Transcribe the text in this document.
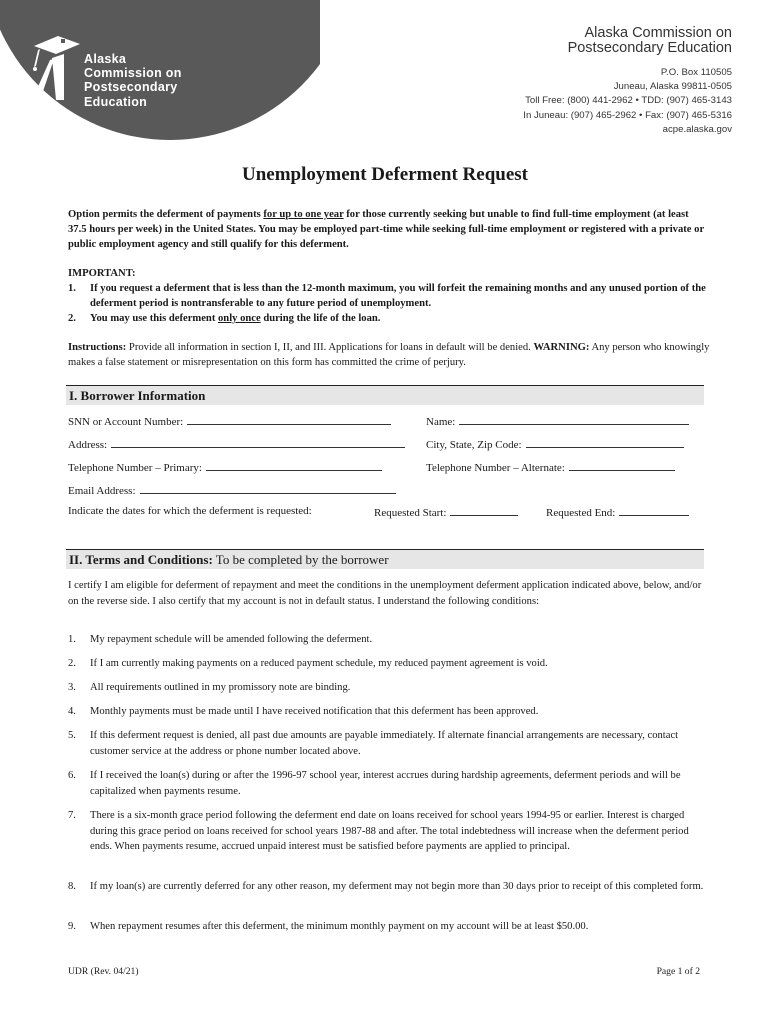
Alaska
Commission on
Postsecondary
Education
Alaska Commission on
Postsecondary Education
P.O. Box 110505
Juneau, Alaska 99811-0505
Toll Free: (800) 441-2962 • TDD: (907) 465-3143
In Juneau: (907) 465-2962 • Fax: (907) 465-5316
acpe.alaska.gov
Unemployment Deferment Request
Option permits the deferment of payments for up to one year for those currently seeking but unable to find full-time employment (at least 37.5 hours per week) in the United States. You may be employed part-time while seeking full-time employment or registered with a private or public employment agency and still qualify for this deferment.
IMPORTANT:
1.	If you request a deferment that is less than the 12-month maximum, you will forfeit the remaining months and any unused portion of the deferment period is nontransferable to any future period of unemployment.
2.	You may use this deferment only once during the life of the loan.
Instructions: Provide all information in section I, II, and III. Applications for loans in default will be denied. WARNING: Any person who knowingly makes a false statement or misrepresentation on this form has committed the crime of perjury.
I. Borrower Information
SNN or Account Number:	Name:
Address:	City, State, Zip Code:
Telephone Number – Primary:	Telephone Number – Alternate:
Email Address:
Indicate the dates for which the deferment is requested:	Requested Start:	Requested End:
II. Terms and Conditions: To be completed by the borrower
I certify I am eligible for deferment of repayment and meet the conditions in the unemployment deferment application indicated above, below, and/or on the reverse side. I also certify that my account is not in default status. I understand the following conditions:
1.	My repayment schedule will be amended following the deferment.
2.	If I am currently making payments on a reduced payment schedule, my reduced payment agreement is void.
3.	All requirements outlined in my promissory note are binding.
4.	Monthly payments must be made until I have received notification that this deferment has been approved.
5.	If this deferment request is denied, all past due amounts are payable immediately. If alternate financial arrangements are necessary, contact customer service at the address or phone number located above.
6.	If I received the loan(s) during or after the 1996-97 school year, interest accrues during hardship agreements, deferment periods and will be capitalized when payments resume.
7.	There is a six-month grace period following the deferment end date on loans received for school years 1994-95 or earlier. Interest is charged during this grace period on loans received for school years 1987-88 and after. The total indebtedness will increase when the deferment period ends. When payments resume, accrued unpaid interest must be satisfied before payments are applied to principal.
8.	If my loan(s) are currently deferred for any other reason, my deferment may not begin more than 30 days prior to receipt of this completed form.
9.	When repayment resumes after this deferment, the minimum monthly payment on my account will be at least $50.00.
UDR (Rev. 04/21)	Page 1 of 2
